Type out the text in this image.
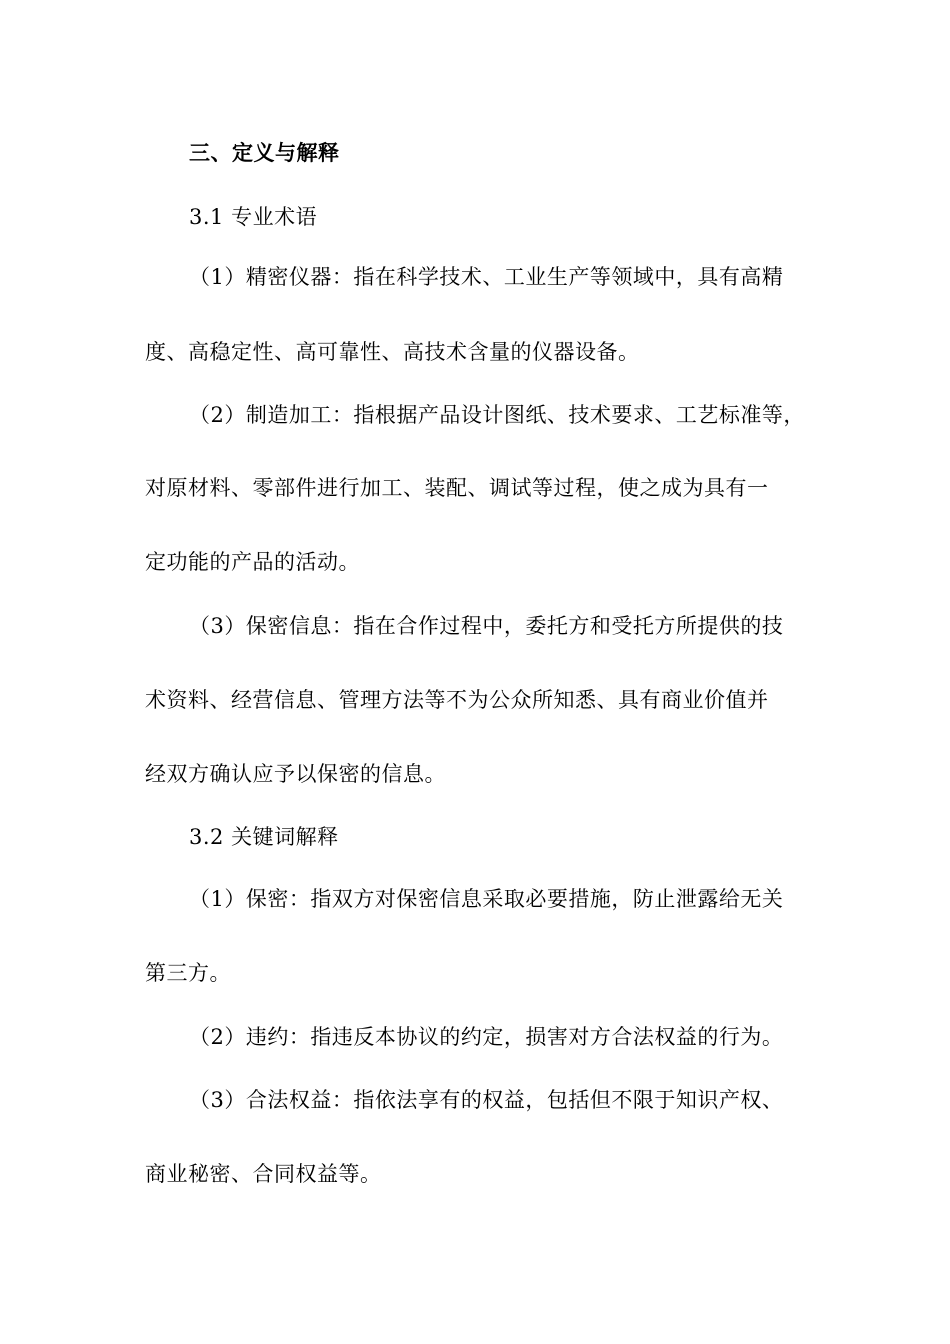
三、定义与解释
3.1 专业术语
（1）精密仪器：指在科学技术、工业生产等领域中，具有高精
度、高稳定性、高可靠性、高技术含量的仪器设备。
（2）制造加工：指根据产品设计图纸、技术要求、工艺标准等，
对原材料、零部件进行加工、装配、调试等过程，使之成为具有一
定功能的产品的活动。
（3）保密信息：指在合作过程中，委托方和受托方所提供的技
术资料、经营信息、管理方法等不为公众所知悉、具有商业价值并
经双方确认应予以保密的信息。
3.2 关键词解释
（1）保密：指双方对保密信息采取必要措施，防止泄露给无关
第三方。
（2）违约：指违反本协议的约定，损害对方合法权益的行为。
（3）合法权益：指依法享有的权益，包括但不限于知识产权、
商业秘密、合同权益等。
